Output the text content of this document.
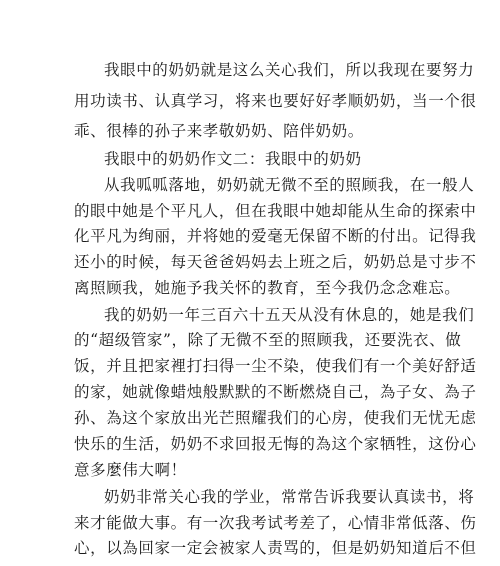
我眼中的奶奶就是这么关心我们，所以我现在要努力
用功读书、认真学习，将来也要好好孝顺奶奶，当一个很
乖、很棒的孙子来孝敬奶奶、陪伴奶奶。
我眼中的奶奶作文二：我眼中的奶奶
从我呱呱落地，奶奶就无微不至的照顾我，在一般人
的眼中她是个平凡人，但在我眼中她却能从生命的探索中
化平凡为绚丽，并将她的爱毫无保留不断的付出。记得我
还小的时候，每天爸爸妈妈去上班之后，奶奶总是寸步不
离照顾我，她施予我关怀的教育，至今我仍念念难忘。
我的奶奶一年三百六十五天从没有休息的，她是我们
的“超级管家”，除了无微不至的照顾我，还要洗衣、做
饭，并且把家裡打扫得一尘不染，使我们有一个美好舒适
的家，她就像蜡烛般默默的不断燃烧自己，為子女、為子
孙、為这个家放出光芒照耀我们的心房，使我们无忧无虑
快乐的生活，奶奶不求回报无悔的為这个家牺牲，这份心
意多麼伟大啊！
奶奶非常关心我的学业，常常告诉我要认真读书，将
来才能做大事。有一次我考试考差了，心情非常低落、伤
心，以為回家一定会被家人责骂的，但是奶奶知道后不但
